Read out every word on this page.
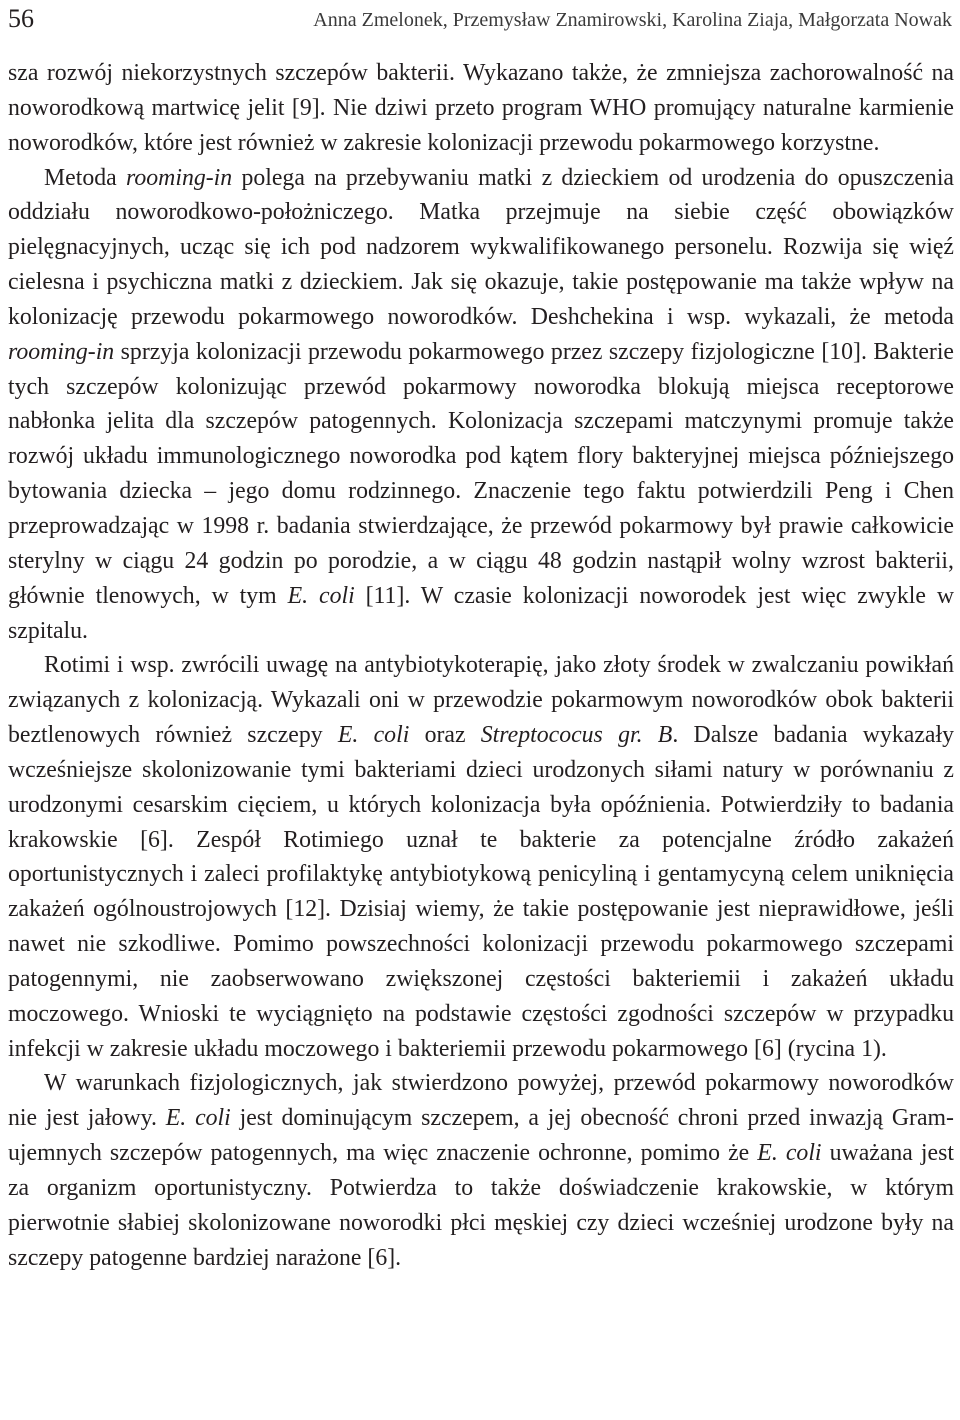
56	Anna Zmelonek, Przemysław Znamirowski, Karolina Ziaja, Małgorzata Nowak

sza rozwój niekorzystnych szczepów bakterii. Wykazano także, że zmniejsza zachorowalność na noworodkową martwicę jelit [9]. Nie dziwi przeto program WHO promujący naturalne karmienie noworodków, które jest również w zakresie kolonizacji przewodu pokarmowego korzystne.

Metoda rooming-in polega na przebywaniu matki z dzieckiem od urodzenia do opuszczenia oddziału noworodkowo-położniczego. Matka przejmuje na siebie część obowiązków pielęgnacyjnych, ucząc się ich pod nadzorem wykwalifikowanego personelu. Rozwija się więź cielesna i psychiczna matki z dzieckiem. Jak się okazuje, takie postępowanie ma także wpływ na kolonizację przewodu pokarmowego noworodków. Deshchekina i wsp. wykazali, że metoda rooming-in sprzyja kolonizacji przewodu pokarmowego przez szczepy fizjologiczne [10]. Bakterie tych szczepów kolonizując przewód pokarmowy noworodka blokują miejsca receptorowe nabłonka jelita dla szczepów patogennych. Kolonizacja szczepami matczynymi promuje także rozwój układu immunologicznego noworodka pod kątem flory bakteryjnej miejsca późniejszego bytowania dziecka – jego domu rodzinnego. Znaczenie tego faktu potwierdzili Peng i Chen przeprowadzając w 1998 r. badania stwierdzające, że przewód pokarmowy był prawie całkowicie sterylny w ciągu 24 godzin po porodzie, a w ciągu 48 godzin nastąpił wolny wzrost bakterii, głównie tlenowych, w tym E. coli [11]. W czasie kolonizacji noworodek jest więc zwykle w szpitalu.

Rotimi i wsp. zwrócili uwagę na antybiotykoterapię, jako złoty środek w zwalczaniu powikłań związanych z kolonizacją. Wykazali oni w przewodzie pokarmowym noworodków obok bakterii beztlenowych również szczepy E. coli oraz Streptococus gr. B. Dalsze badania wykazały wcześniejsze skolonizowanie tymi bakteriami dzieci urodzonych siłami natury w porównaniu z urodzonymi cesarskim cięciem, u których kolonizacja była opóźnienia. Potwierdziły to badania krakowskie [6]. Zespół Rotimiego uznał te bakterie za potencjalne źródło zakażeń oportunistycznych i zaleci profilaktykę antybiotykową penicyliną i gentamycyną celem uniknięcia zakażeń ogólnoustrojowych [12]. Dzisiaj wiemy, że takie postępowanie jest nieprawidłowe, jeśli nawet nie szkodliwe. Pomimo powszechności kolonizacji przewodu pokarmowego szczepami patogennymi, nie zaobserwowano zwiększonej częstości bakteriemii i zakażeń układu moczowego. Wnioski te wyciągnięto na podstawie częstości zgodności szczepów w przypadku infekcji w zakresie układu moczowego i bakteriemii przewodu pokarmowego [6] (rycina 1).

W warunkach fizjologicznych, jak stwierdzono powyżej, przewód pokarmowy noworodków nie jest jałowy. E. coli jest dominującym szczepem, a jej obecność chroni przed inwazją Gram-ujemnych szczepów patogennych, ma więc znaczenie ochronne, pomimo że E. coli uważana jest za organizm oportunistyczny. Potwierdza to także doświadczenie krakowskie, w którym pierwotnie słabiej skolonizowane noworodki płci męskiej czy dzieci wcześniej urodzone były na szczepy patogenne bardziej narażone [6].
